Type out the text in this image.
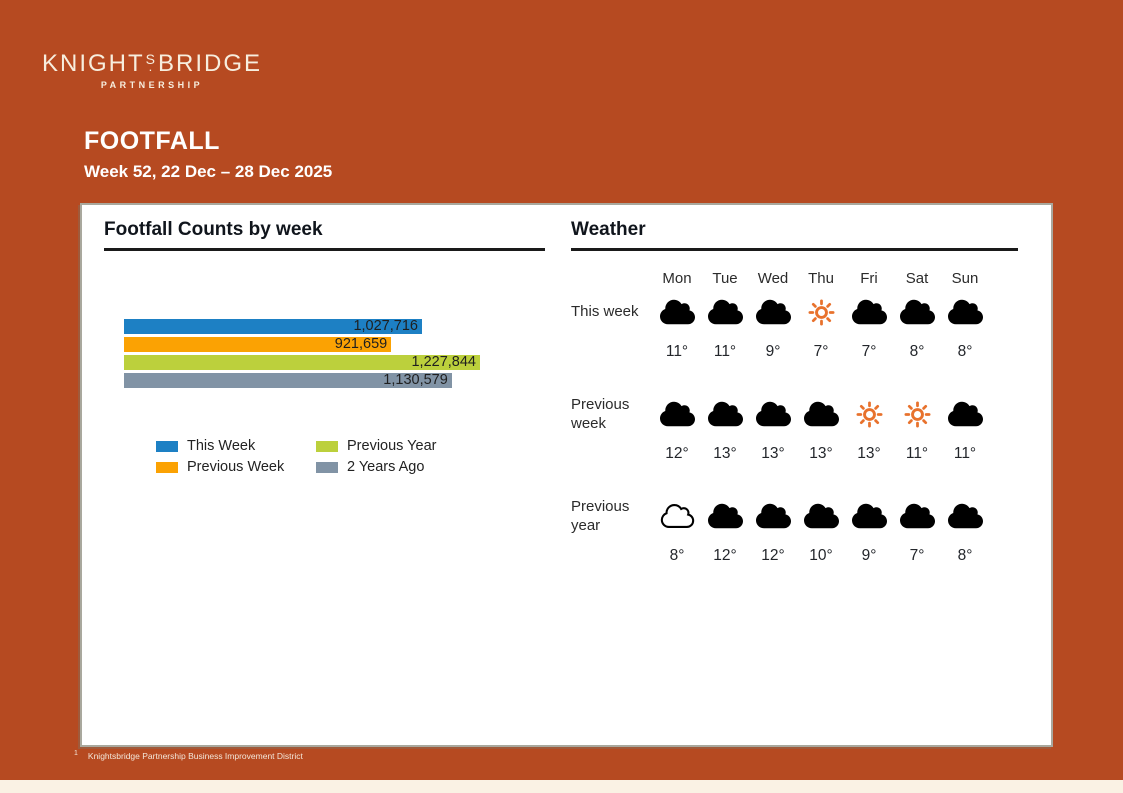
KNIGHTS .BRIDGE
PARTNERSHIP
FOOTFALL
Week 52, 22 Dec – 28 Dec 2025
Footfall Counts by week
1,027,716
921,659
1,227,844
1,130,579
This Week	Previous Year
Previous Week	2 Years Ago
Weather
Mon	Tue	Wed	Thu	Fri	Sat	Sun
This week
11°	11°	9°	7°	7°	8°	8°
Previous week
12°	13°	13°	13°	13°	11°	11°
Previous year
8°	12°	12°	10°	9°	7°	8°
$^1$ Knightsbridge Partnership Business Improvement District
